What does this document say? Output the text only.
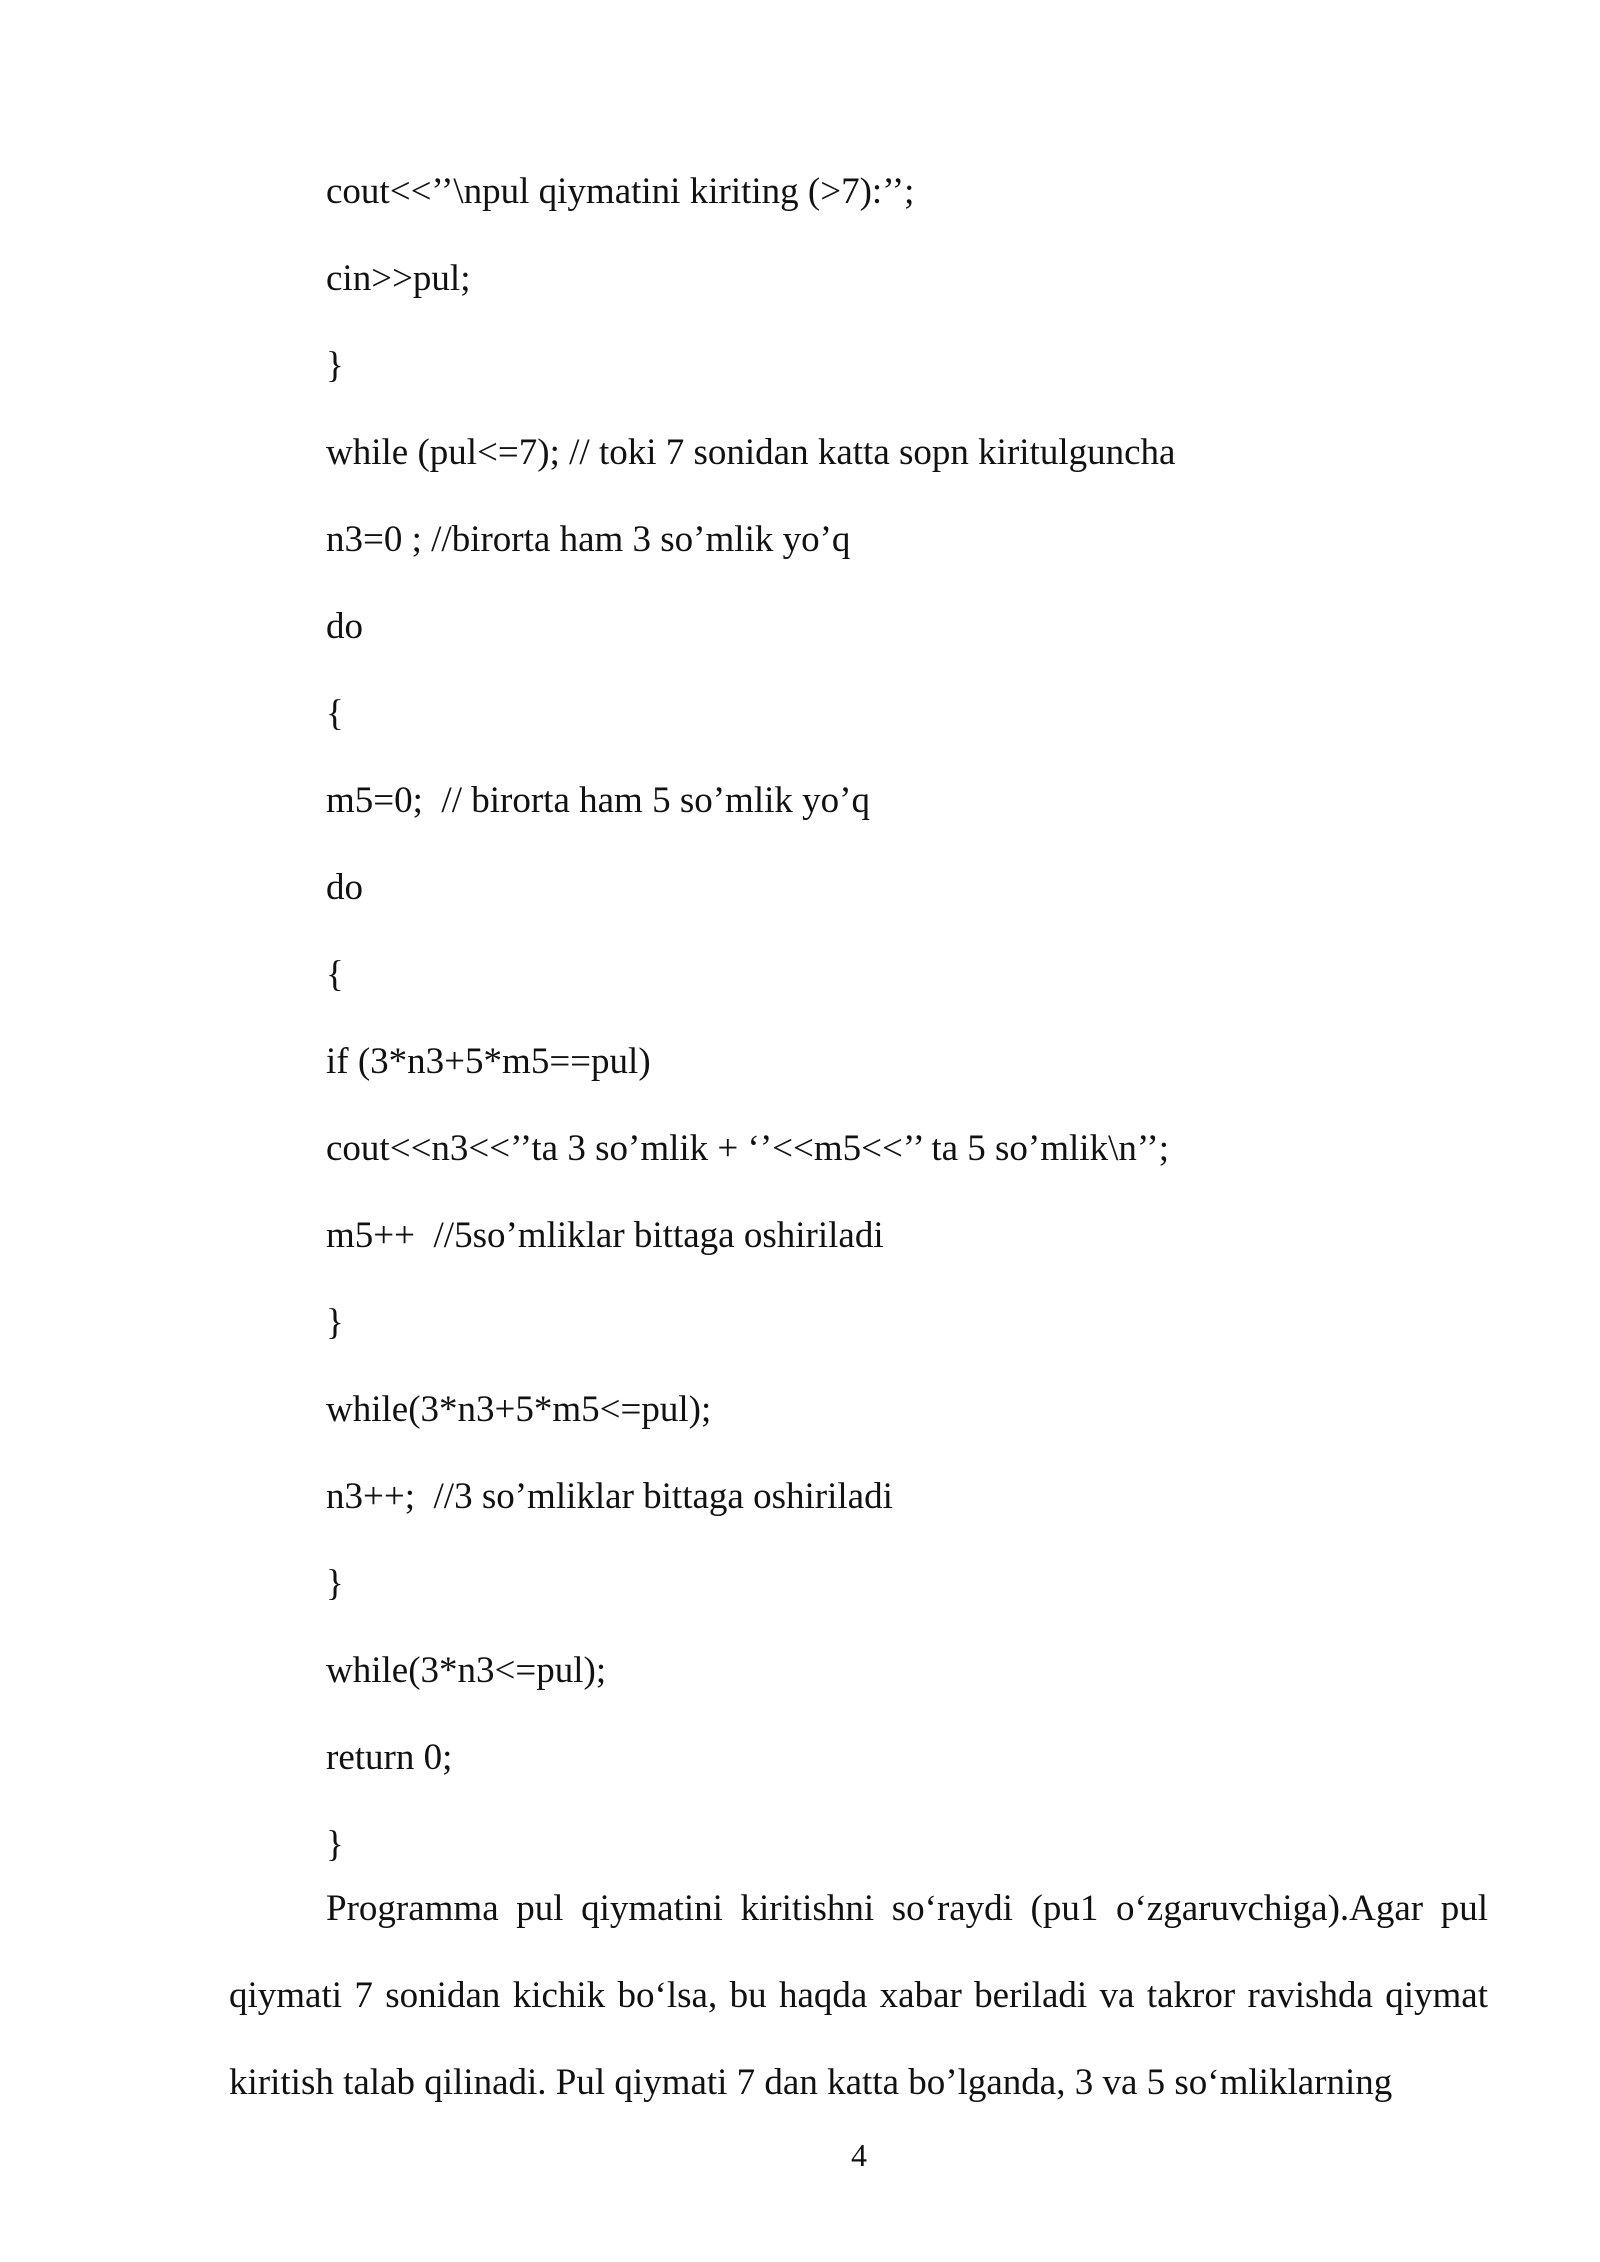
cout<<’’\npul qiymatini kiriting (>7):’’;
cin>>pul;
}
while (pul<=7); // toki 7 sonidan katta sopn kiritulguncha
n3=0 ; //birorta ham 3 so’mlik yo’q
do
{
m5=0;  // birorta ham 5 so’mlik yo’q
do
{
if (3*n3+5*m5==pul)
cout<<n3<<’’ta 3 so’mlik + ‘’<<m5<<’’ ta 5 so’mlik\n’’;
m5++  //5so’mliklar bittaga oshiriladi
}
while(3*n3+5*m5<=pul);
n3++;  //3 so’mliklar bittaga oshiriladi
}
while(3*n3<=pul);
return 0;
}

Programma pul qiymatini kiritishni so‘raydi (pu1 o‘zgaruvchiga).Agar pul qiymati 7 sonidan kichik bo‘lsa, bu haqda xabar beriladi va takror ravishda qiymat kiritish talab qilinadi. Pul qiymati 7 dan katta bo’lganda, 3 va 5 so‘mliklarning

4
